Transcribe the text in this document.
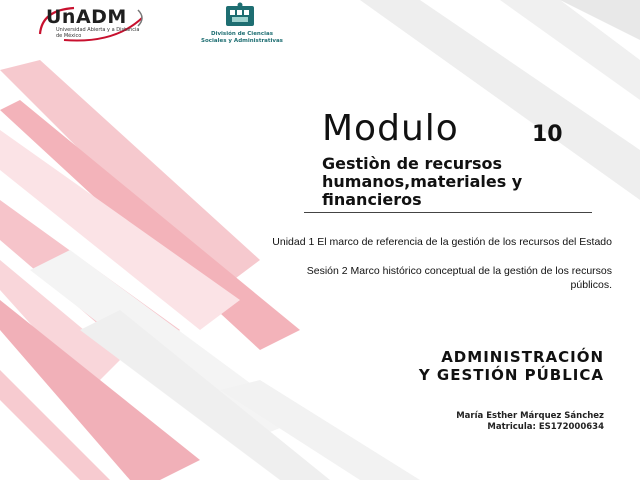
UnADM
Universidad Abierta y a Distancia de México	División de Ciencias
Sociales y Administrativas
Modulo	10
Gestiòn de recursos humanos,materiales y financieros
Unidad 1 El marco de referencia de la gestión de los recursos del Estado
Sesión 2 Marco histórico conceptual de la gestión de los recursos públicos.
ADMINISTRACIÓN
Y GESTIÓN PÚBLICA
María Esther Márquez Sánchez
Matricula: ES172000634
